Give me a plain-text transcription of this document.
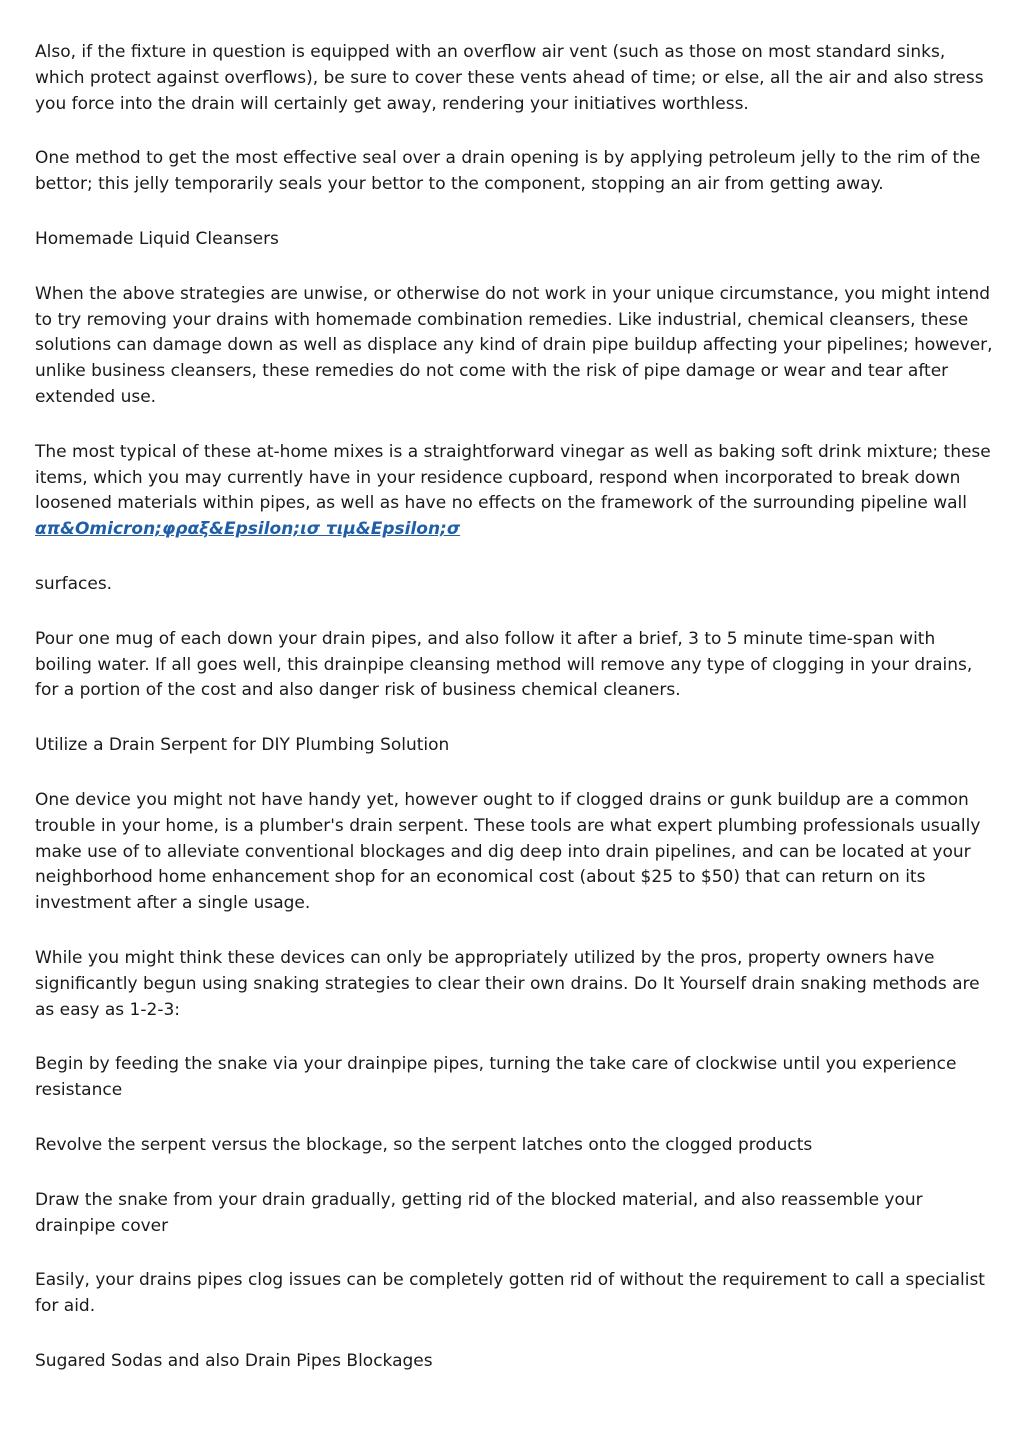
Also, if the fixture in question is equipped with an overflow air vent (such as those on most standard sinks, which protect against overflows), be sure to cover these vents ahead of time; or else, all the air and also stress you force into the drain will certainly get away, rendering your initiatives worthless.

One method to get the most effective seal over a drain opening is by applying petroleum jelly to the rim of the bettor; this jelly temporarily seals your bettor to the component, stopping an air from getting away.

Homemade Liquid Cleansers

When the above strategies are unwise, or otherwise do not work in your unique circumstance, you might intend to try removing your drains with homemade combination remedies. Like industrial, chemical cleansers, these solutions can damage down as well as displace any kind of drain pipe buildup affecting your pipelines; however, unlike business cleansers, these remedies do not come with the risk of pipe damage or wear and tear after extended use.

The most typical of these at-home mixes is a straightforward vinegar as well as baking soft drink mixture; these items, which you may currently have in your residence cupboard, respond when incorporated to break down loosened materials within pipes, as well as have no effects on the framework of the surrounding pipeline wall
απ&Omicron;φραξ&Epsilon;ισ τιμ&Epsilon;σ

surfaces.

Pour one mug of each down your drain pipes, and also follow it after a brief, 3 to 5 minute time-span with boiling water. If all goes well, this drainpipe cleansing method will remove any type of clogging in your drains, for a portion of the cost and also danger risk of business chemical cleaners.

Utilize a Drain Serpent for DIY Plumbing Solution

One device you might not have handy yet, however ought to if clogged drains or gunk buildup are a common trouble in your home, is a plumber's drain serpent. These tools are what expert plumbing professionals usually make use of to alleviate conventional blockages and dig deep into drain pipelines, and can be located at your neighborhood home enhancement shop for an economical cost (about $25 to $50) that can return on its investment after a single usage.

While you might think these devices can only be appropriately utilized by the pros, property owners have significantly begun using snaking strategies to clear their own drains. Do It Yourself drain snaking methods are as easy as 1-2-3:

Begin by feeding the snake via your drainpipe pipes, turning the take care of clockwise until you experience resistance

Revolve the serpent versus the blockage, so the serpent latches onto the clogged products

Draw the snake from your drain gradually, getting rid of the blocked material, and also reassemble your drainpipe cover

Easily, your drains pipes clog issues can be completely gotten rid of without the requirement to call a specialist for aid.

Sugared Sodas and also Drain Pipes Blockages
